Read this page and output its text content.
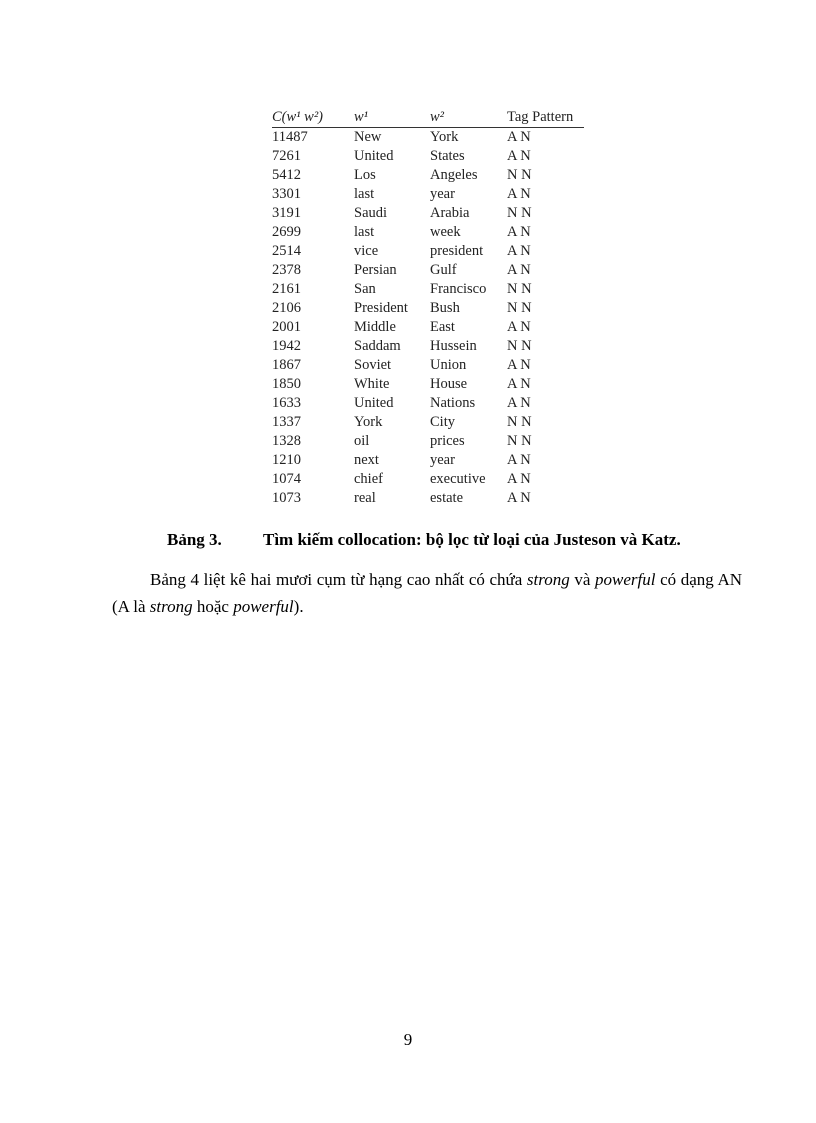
C(w¹ w²)	w¹	w²	Tag Pattern
11487	New	York	A N
7261	United	States	A N
5412	Los	Angeles	N N
3301	last	year	A N
3191	Saudi	Arabia	N N
2699	last	week	A N
2514	vice	president	A N
2378	Persian	Gulf	A N
2161	San	Francisco	N N
2106	President	Bush	N N
2001	Middle	East	A N
1942	Saddam	Hussein	N N
1867	Soviet	Union	A N
1850	White	House	A N
1633	United	Nations	A N
1337	York	City	N N
1328	oil	prices	N N
1210	next	year	A N
1074	chief	executive	A N
1073	real	estate	A N
Bảng 3. Tìm kiếm collocation: bộ lọc từ loại của Justeson và Katz.
Bảng 4 liệt kê hai mươi cụm từ hạng cao nhất có chứa strong và powerful có dạng AN (A là strong hoặc powerful).
9
